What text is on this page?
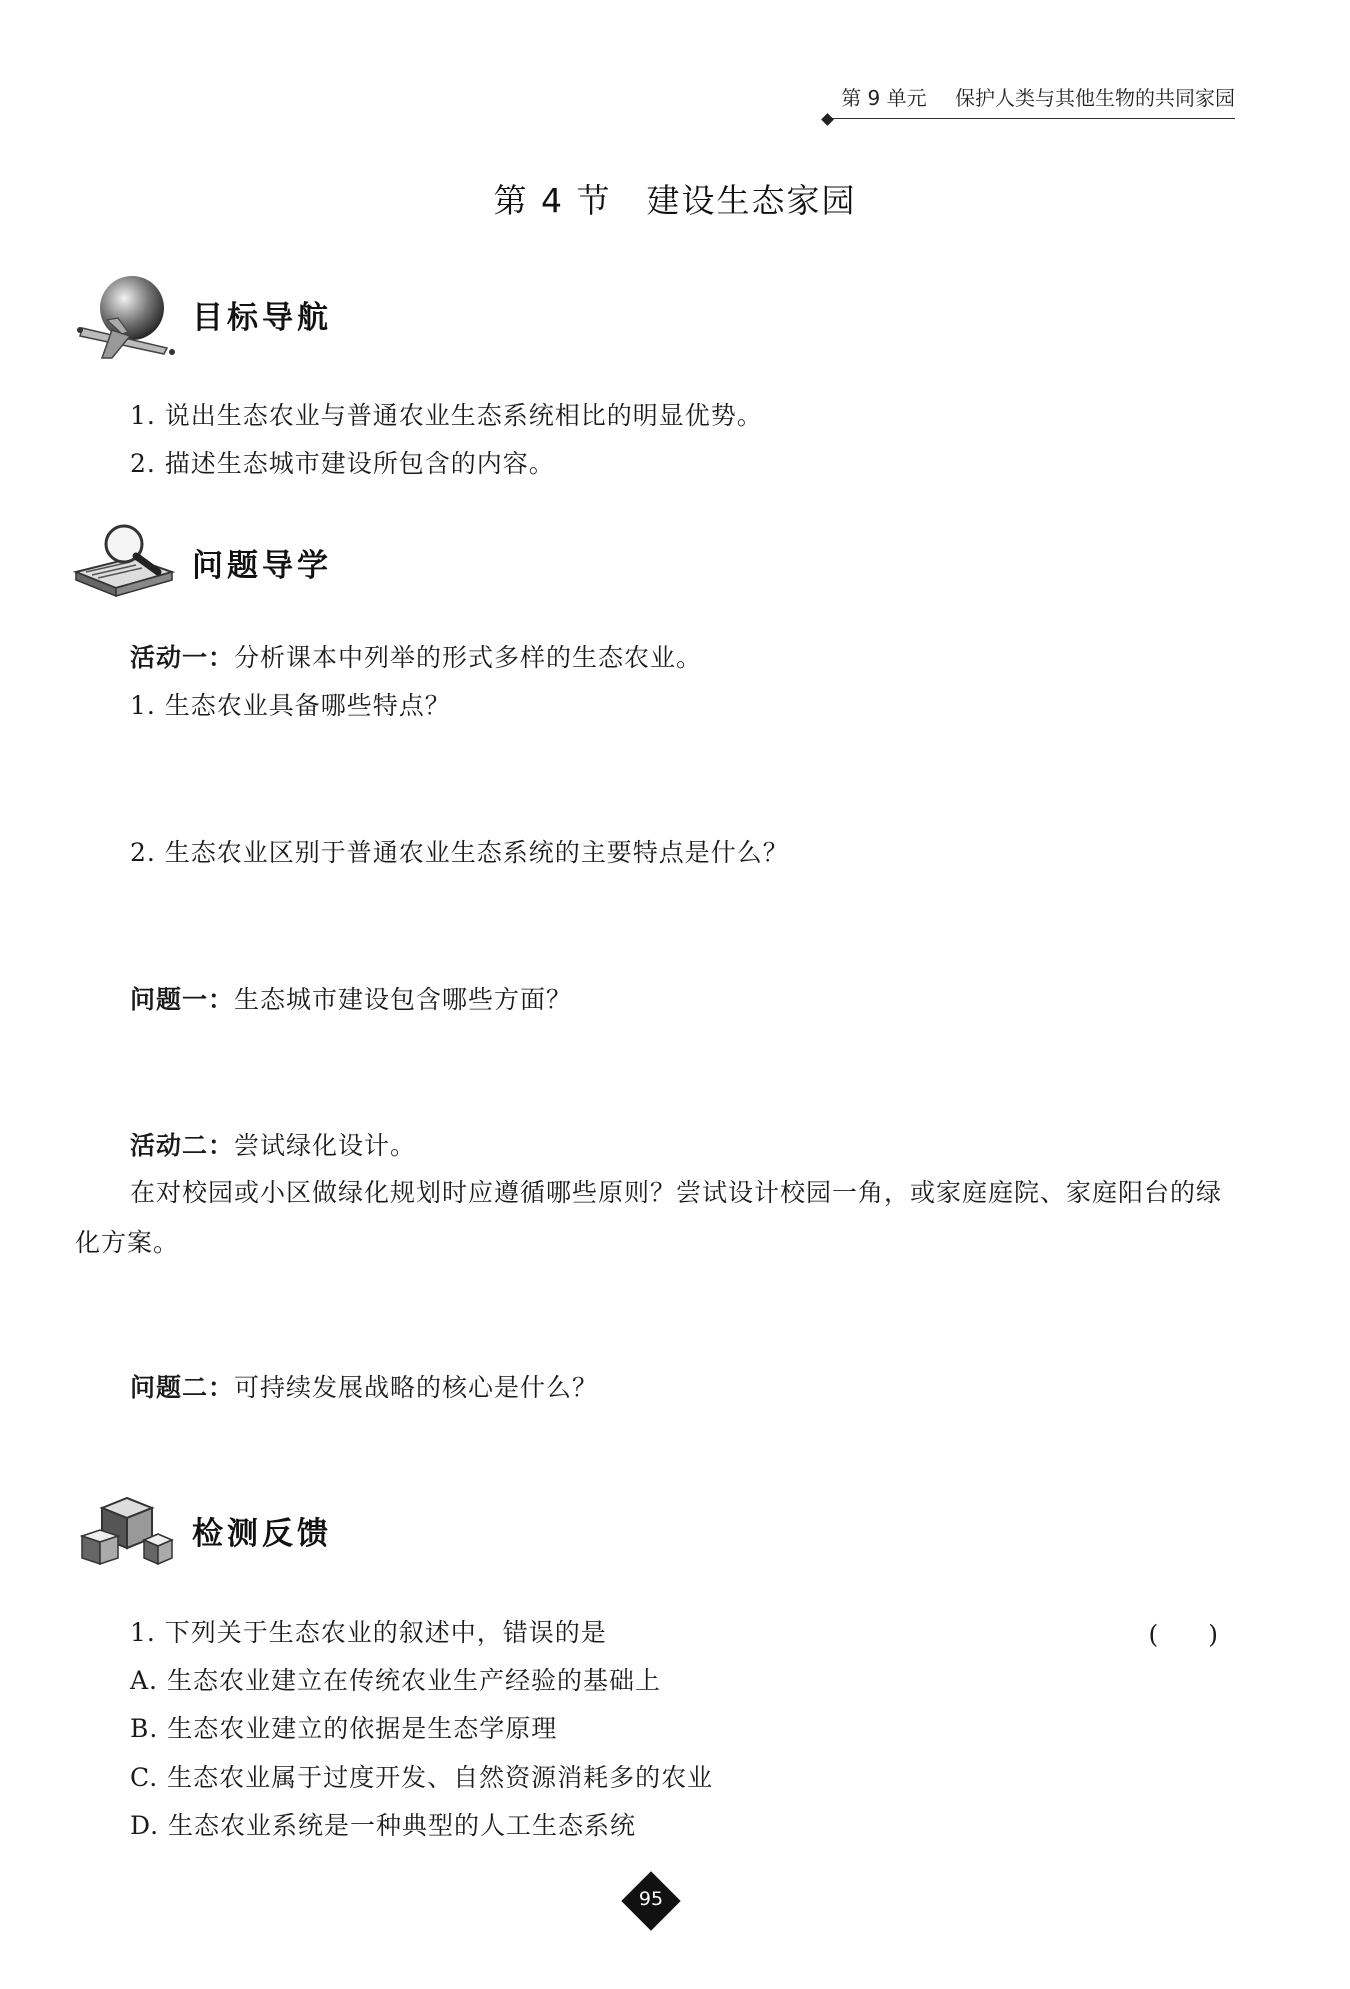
第 9 单元 保护人类与其他生物的共同家园
第 4 节　建设生态家园
目标导航
1. 说出生态农业与普通农业生态系统相比的明显优势。
2. 描述生态城市建设所包含的内容。
问题导学
活动一：分析课本中列举的形式多样的生态农业。
1. 生态农业具备哪些特点？
2. 生态农业区别于普通农业生态系统的主要特点是什么？
问题一：生态城市建设包含哪些方面？
活动二：尝试绿化设计。
在对校园或小区做绿化规划时应遵循哪些原则？尝试设计校园一角，或家庭庭院、家庭阳台的绿化方案。
问题二：可持续发展战略的核心是什么？
检测反馈
1. 下列关于生态农业的叙述中，错误的是	(　　)
A. 生态农业建立在传统农业生产经验的基础上
B. 生态农业建立的依据是生态学原理
C. 生态农业属于过度开发、自然资源消耗多的农业
D. 生态农业系统是一种典型的人工生态系统
95
